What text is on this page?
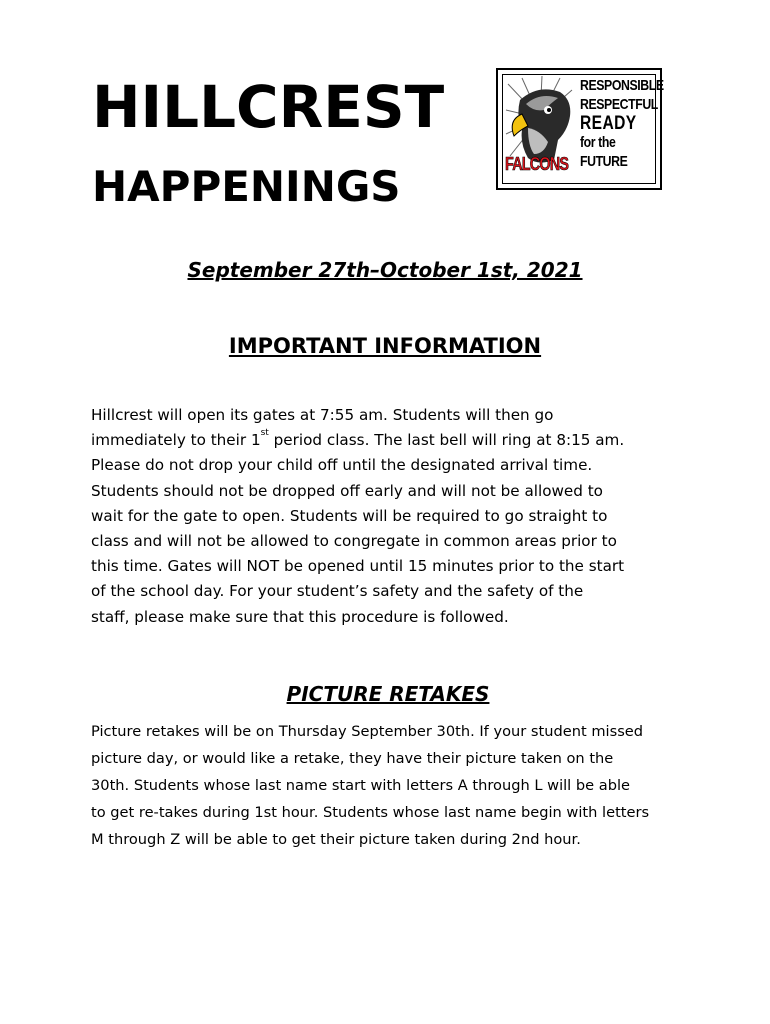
HILLCREST
HAPPENINGS
RESPONSIBLE
RESPECTFUL
READY
for the FUTURE
FALCONS
September 27th–October 1st, 2021
IMPORTANT INFORMATION
Hillcrest will open its gates at 7:55 am. Students will then go
immediately to their 1st period class. The last bell will ring at 8:15 am.
Please do not drop your child off until the designated arrival time.
Students should not be dropped off early and will not be allowed to
wait for the gate to open. Students will be required to go straight to
class and will not be allowed to congregate in common areas prior to
this time. Gates will NOT be opened until 15 minutes prior to the start
of the school day. For your student’s safety and the safety of the
staff, please make sure that this procedure is followed.
PICTURE RETAKES
Picture retakes will be on Thursday September 30th. If your student missed
picture day, or would like a retake, they have their picture taken on the
30th. Students whose last name start with letters A through L will be able
to get re-takes during 1st hour. Students whose last name begin with letters
M through Z will be able to get their picture taken during 2nd hour.
